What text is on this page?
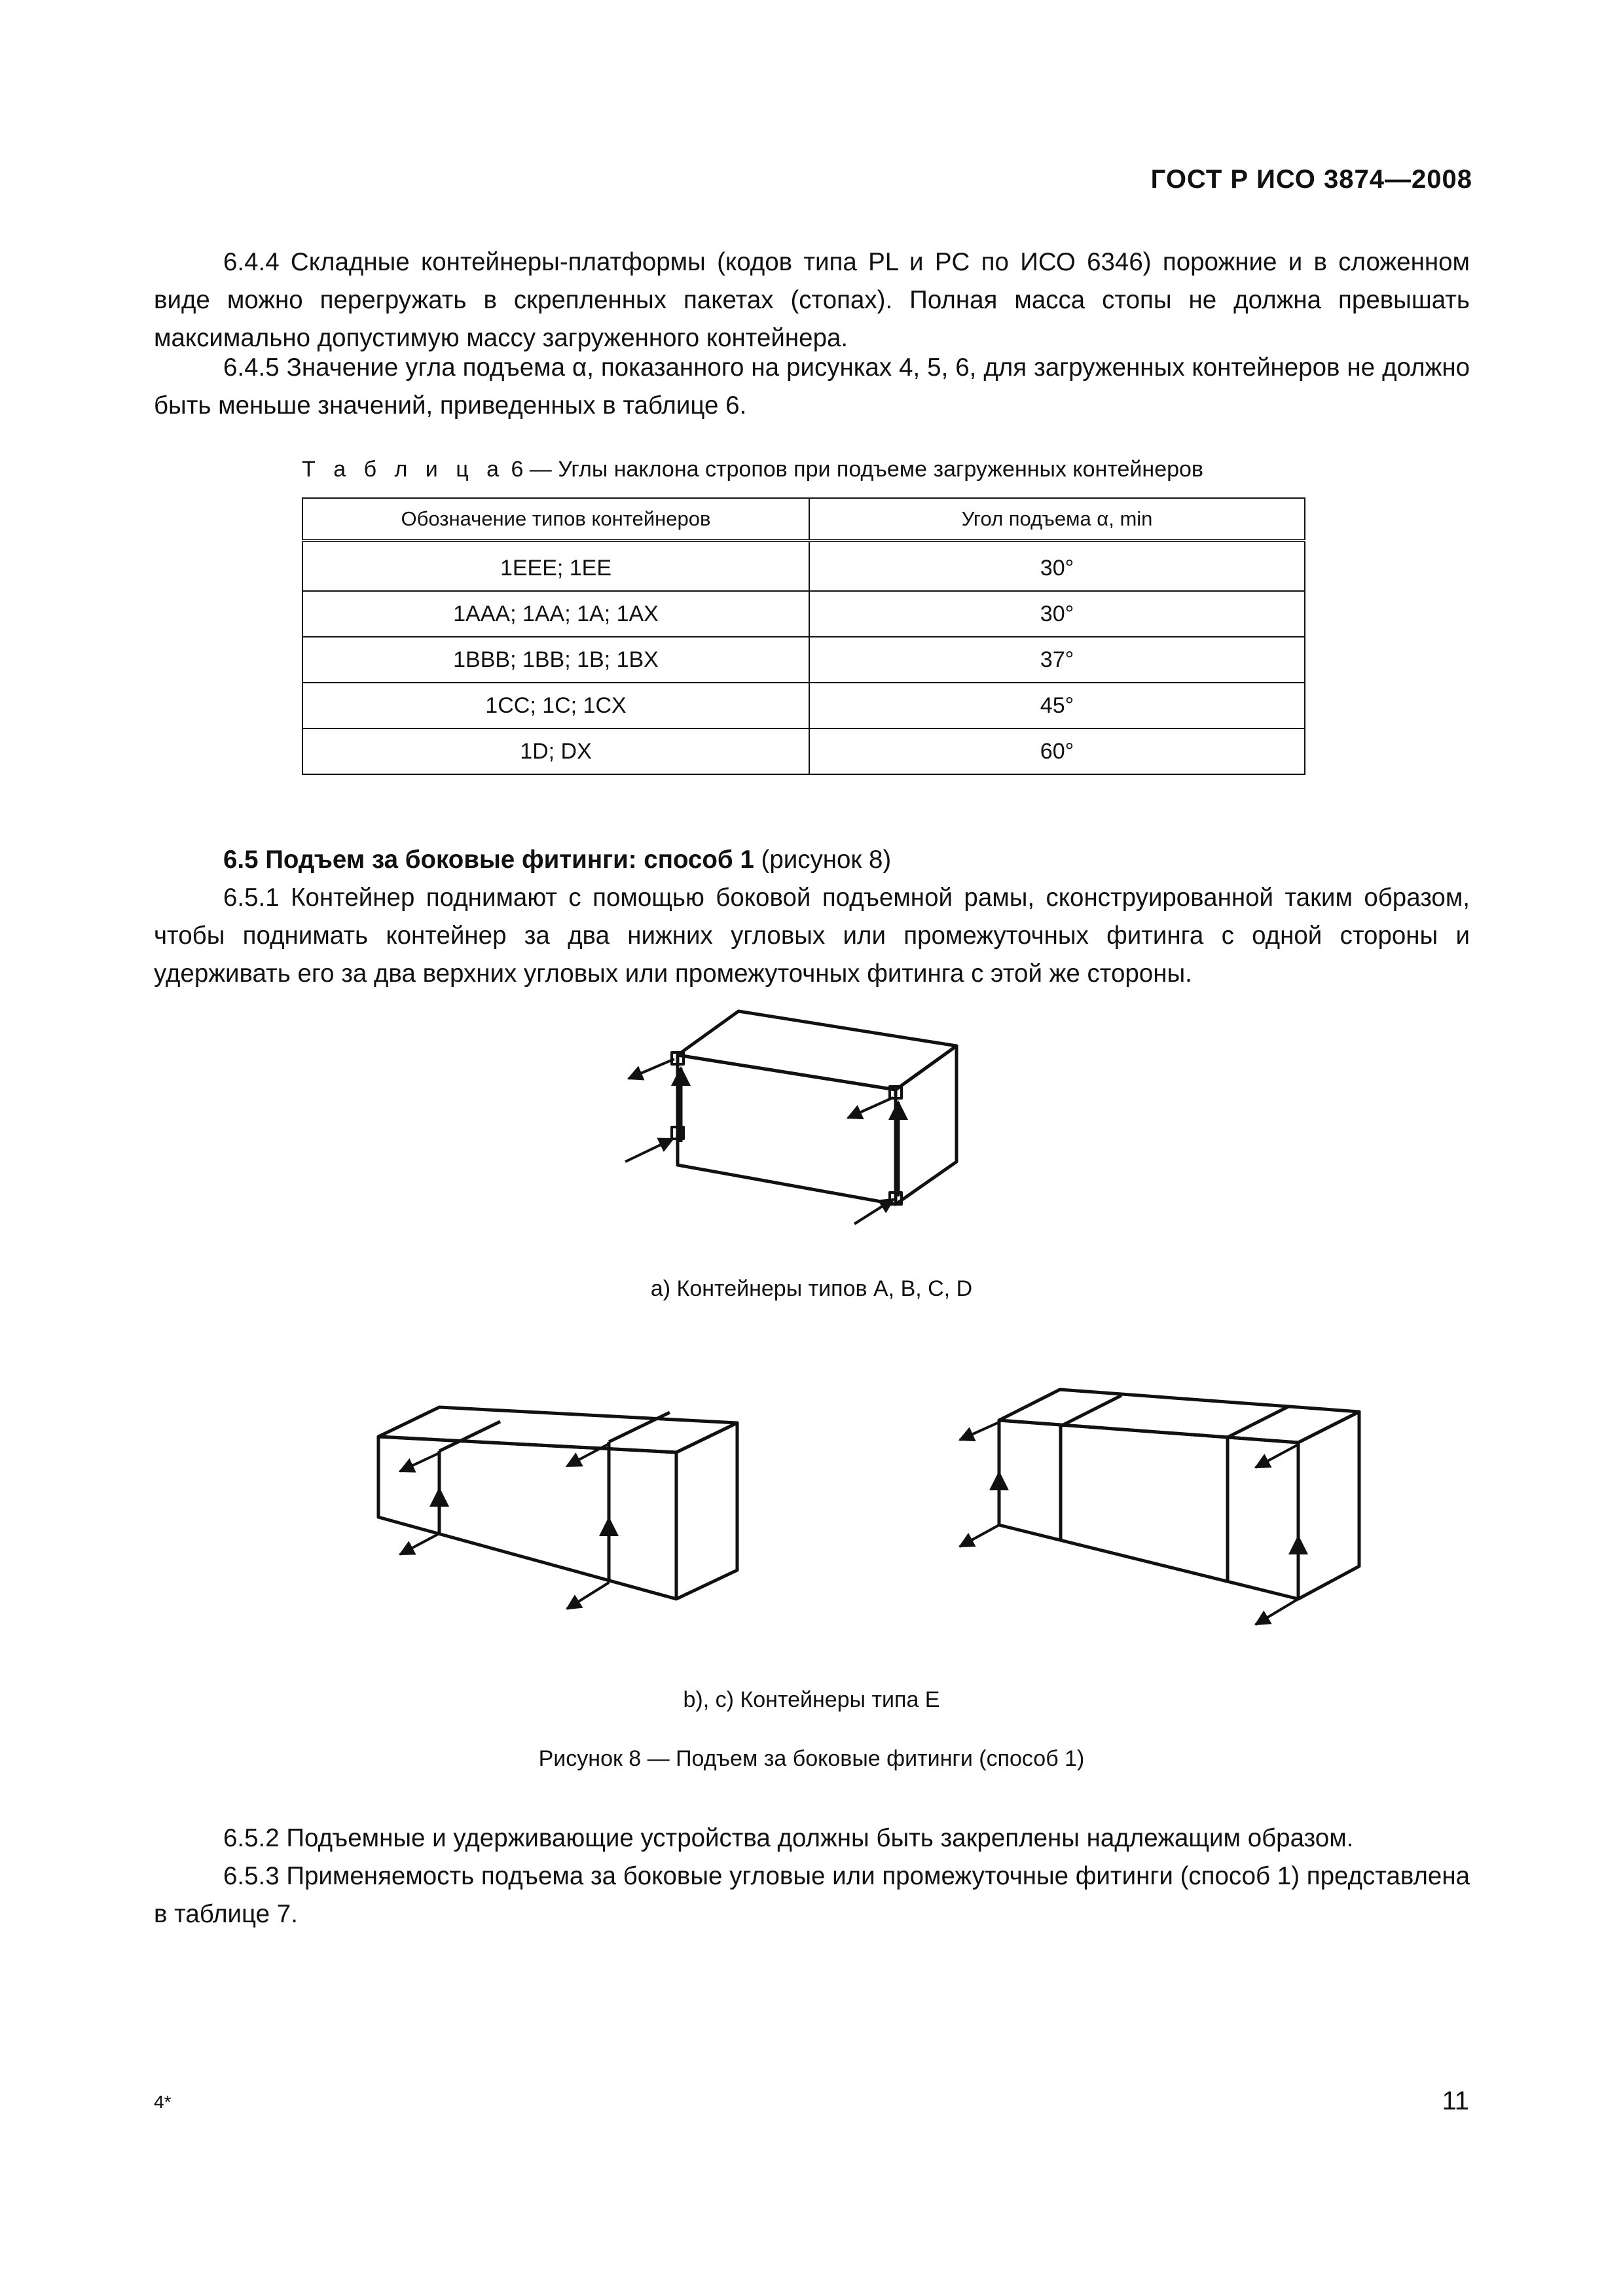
ГОСТ Р ИСО 3874—2008
6.4.4 Складные контейнеры-платформы (кодов типа PL и PC по ИСО 6346) порожние и в сложенном виде можно перегружать в скрепленных пакетах (стопах). Полная масса стопы не должна превышать максимально допустимую массу загруженного контейнера.
6.4.5 Значение угла подъема α, показанного на рисунках 4, 5, 6, для загруженных контейнеров не должно быть меньше значений, приведенных в таблице 6.
Т а б л и ц а 6 — Углы наклона стропов при подъеме загруженных контейнеров
Обозначение типов контейнеров	Угол подъема α, min

1EEE; 1EE	30°
1AAA; 1AA; 1A; 1AX	30°
1BBB; 1BB; 1B; 1BX	37°
1CC; 1C; 1CX	45°
1D; DX	60°
6.5 Подъем за боковые фитинги: способ 1 (рисунок 8)
6.5.1 Контейнер поднимают с помощью боковой подъемной рамы, сконструированной таким образом, чтобы поднимать контейнер за два нижних угловых или промежуточных фитинга с одной стороны и удерживать его за два верхних угловых или промежуточных фитинга с этой же стороны.
а) Контейнеры типов A, B, C, D
b), c) Контейнеры типа E
Рисунок 8 — Подъем за боковые фитинги (способ 1)
6.5.2 Подъемные и удерживающие устройства должны быть закреплены надлежащим образом.
6.5.3 Применяемость подъема за боковые угловые или промежуточные фитинги (способ 1) представлена в таблице 7.
4*	11
